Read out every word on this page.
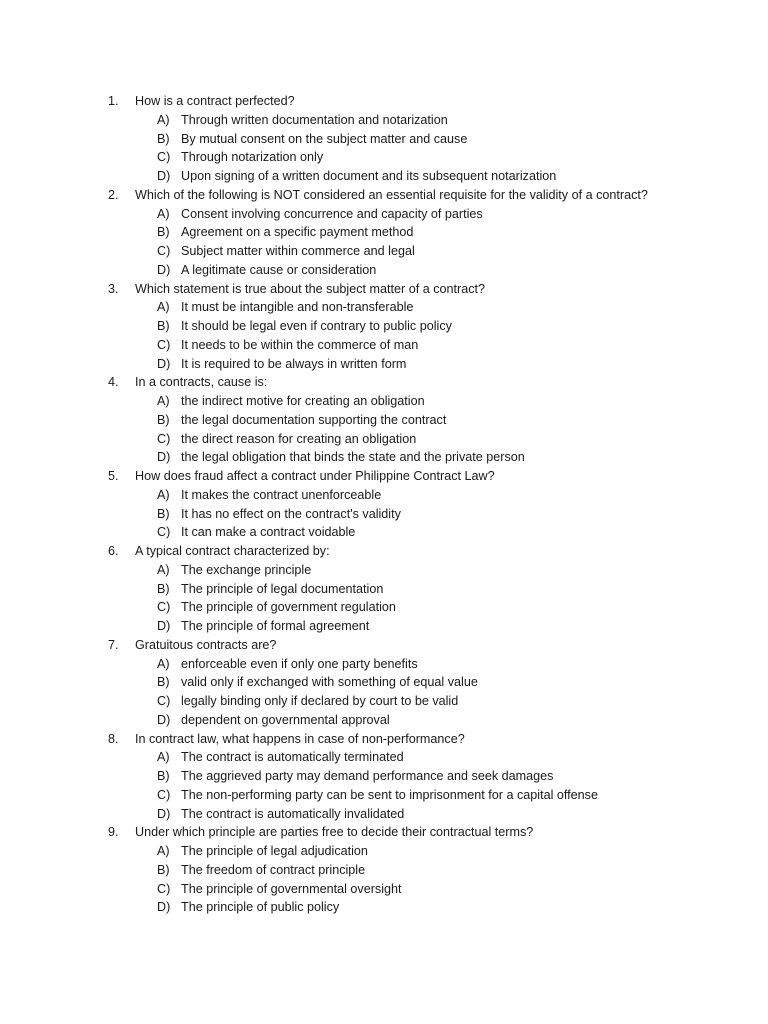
1.	How is a contract perfected?
A) Through written documentation and notarization
B) By mutual consent on the subject matter and cause
C) Through notarization only
D) Upon signing of a written document and its subsequent notarization
2.	Which of the following is NOT considered an essential requisite for the validity of a contract?
A) Consent involving concurrence and capacity of parties
B) Agreement on a specific payment method
C) Subject matter within commerce and legal
D) A legitimate cause or consideration
3.	Which statement is true about the subject matter of a contract?
A) It must be intangible and non-transferable
B) It should be legal even if contrary to public policy
C) It needs to be within the commerce of man
D) It is required to be always in written form
4.	In a contracts, cause is:
A) the indirect motive for creating an obligation
B) the legal documentation supporting the contract
C) the direct reason for creating an obligation
D) the legal obligation that binds the state and the private person
5.	How does fraud affect a contract under Philippine Contract Law?
A) It makes the contract unenforceable
B) It has no effect on the contract's validity
C) It can make a contract voidable
6.	A typical contract characterized by:
A) The exchange principle
B) The principle of legal documentation
C) The principle of government regulation
D) The principle of formal agreement
7.	Gratuitous contracts are?
A) enforceable even if only one party benefits
B) valid only if exchanged with something of equal value
C) legally binding only if declared by court to be valid
D) dependent on governmental approval
8.	In contract law, what happens in case of non-performance?
A) The contract is automatically terminated
B) The aggrieved party may demand performance and seek damages
C) The non-performing party can be sent to imprisonment for a capital offense
D) The contract is automatically invalidated
9.	Under which principle are parties free to decide their contractual terms?
A) The principle of legal adjudication
B) The freedom of contract principle
C) The principle of governmental oversight
D) The principle of public policy
